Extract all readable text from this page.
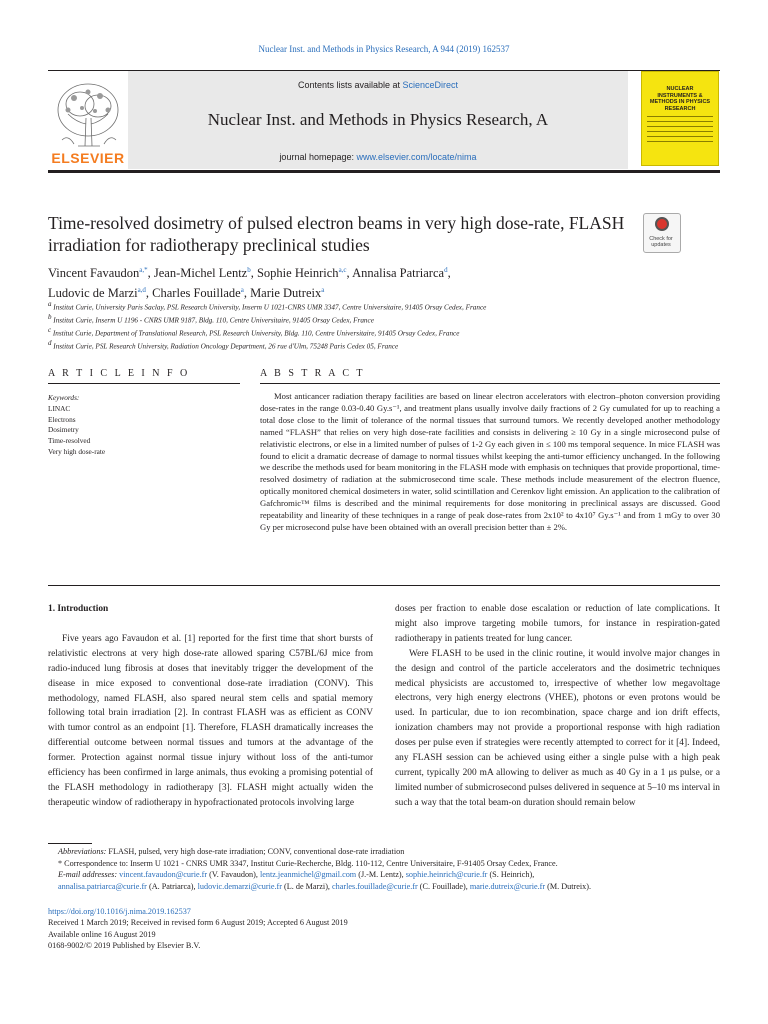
Nuclear Inst. and Methods in Physics Research, A 944 (2019) 162537
ELSEVIER
Contents lists available at ScienceDirect
Nuclear Inst. and Methods in Physics Research, A
journal homepage: www.elsevier.com/locate/nima
NUCLEAR INSTRUMENTS & METHODS IN PHYSICS RESEARCH
Time-resolved dosimetry of pulsed electron beams in very high dose-rate, FLASH irradiation for radiotherapy preclinical studies	Check for updates
Vincent Favaudon$^{a,*}$, Jean-Michel Lentz$^b$, Sophie Heinrich$^{a,c}$, Annalisa Patriarca$^d$,
Ludovic de Marzi$^{a,d}$, Charles Fouillade$^a$, Marie Dutreix$^a$
$^a$ Institut Curie, University Paris Saclay, PSL Research University, Inserm U 1021-CNRS UMR 3347, Centre Universitaire, 91405 Orsay Cedex, France
$^b$ Institut Curie, Inserm U 1196 - CNRS UMR 9187, Bldg. 110, Centre Universitaire, 91405 Orsay Cedex, France
$^c$ Institut Curie, Department of Translational Research, PSL Research University, Bldg. 110, Centre Universitaire, 91405 Orsay Cedex, France
$^d$ Institut Curie, PSL Research University, Radiation Oncology Department, 26 rue d'Ulm, 75248 Paris Cedex 05, France
A R T I C L E I N F O	A B S T R A C T
Keywords:
LINAC
Electrons
Dosimetry
Time-resolved
Very high dose-rate

Most anticancer radiation therapy facilities are based on linear electron accelerators with electron–photon conversion providing dose-rates in the range 0.03-0.40 Gy.s⁻¹, and treatment plans usually involve daily fractions of 2 Gy cumulated for up to reaching a total dose close to the limit of tolerance of the normal tissues that surround tumors. We recently developed another methodology named “FLASH” that relies on very high dose-rate facilities and consists in delivering ≥ 10 Gy in a single microsecond pulse of relativistic electrons, or else in a limited number of pulses of 1-2 Gy each given in ≤ 100 ms temporal sequence. In mice FLASH was found to elicit a dramatic decrease of damage to normal tissues whilst keeping the anti-tumor efficiency unchanged. In the following we describe the methods used for beam monitoring in the FLASH mode with emphasis on techniques that provide proportional, time-resolved dosimetry of radiation at the submicrosecond time scale. These methods include measurement of the electron fluence, optically monitored chemical dosimeters in water, solid scintillation and Cerenkov light emission. An application to the calibration of Gafchromic™ films is described and the minimal requirements for dose monitoring in preclinical assays are discussed. Good repeatability and linearity of these techniques in a range of peak dose-rates from 2x10² to 4x10⁷ Gy.s⁻¹ and from 1 mGy to over 30 Gy per microsecond pulse have been obtained with an overall precision better than ± 2%.

1. Introduction

Five years ago Favaudon et al. [1] reported for the first time that short bursts of relativistic electrons at very high dose-rate allowed sparing C57BL/6J mice from radio-induced lung fibrosis at doses that inevitably trigger the development of the disease in mice exposed to conventional dose-rate irradiation (CONV). This methodology, named FLASH, also spared neural stem cells and spatial memory following total brain irradiation [2]. In contrast FLASH was as efficient as CONV with tumor control as an endpoint [1]. Therefore, FLASH dramatically increases the differential outcome between normal tissues and tumors at the advantage of the former. Protection against normal tissue injury without loss of the anti-tumor efficiency has been confirmed in large animals, thus evoking a promising potential of the FLASH methodology in radiotherapy [3]. FLASH might actually widen the therapeutic window of radiotherapy in hypofractionated protocols involving large

doses per fraction to enable dose escalation or reduction of late complications. It might also improve targeting mobile tumors, for instance in respiration-gated radiotherapy in patients treated for lung cancer.

Were FLASH to be used in the clinic routine, it would involve major changes in the design and control of the particle accelerators and the dosimetric techniques medical physicists are accustomed to, irrespective of whether low megavoltage electrons, very high energy electrons (VHEE), photons or even protons would be used. In particular, due to ion recombination, space charge and ion drift effects, ionization chambers may not provide a proportional response with high radiation doses per pulse even if strategies were recently attempted to correct for it [4]. Indeed, any FLASH session can be achieved using either a single pulse with a high peak current, typically 200 mA allowing to deliver as much as 40 Gy in a 1 μs pulse, or a limited number of submicrosecond pulses delivered in sequence at 5–10 ms interval in such a way that the total beam-on duration should remain below

Abbreviations: FLASH, pulsed, very high dose-rate irradiation; CONV, conventional dose-rate irradiation

* Correspondence to: Inserm U 1021 - CNRS UMR 3347, Institut Curie-Recherche, Bldg. 110-112, Centre Universitaire, F-91405 Orsay Cedex, France.

E-mail addresses: vincent.favaudon@curie.fr (V. Favaudon), lentz.jeanmichel@gmail.com (J.-M. Lentz), sophie.heinrich@curie.fr (S. Heinrich),
annalisa.patriarca@curie.fr (A. Patriarca), ludovic.demarzi@curie.fr (L. de Marzi), charles.fouillade@curie.fr (C. Fouillade), marie.dutreix@curie.fr (M. Dutreix).

https://doi.org/10.1016/j.nima.2019.162537

Received 1 March 2019; Received in revised form 6 August 2019; Accepted 6 August 2019

Available online 16 August 2019

0168-9002/© 2019 Published by Elsevier B.V.
